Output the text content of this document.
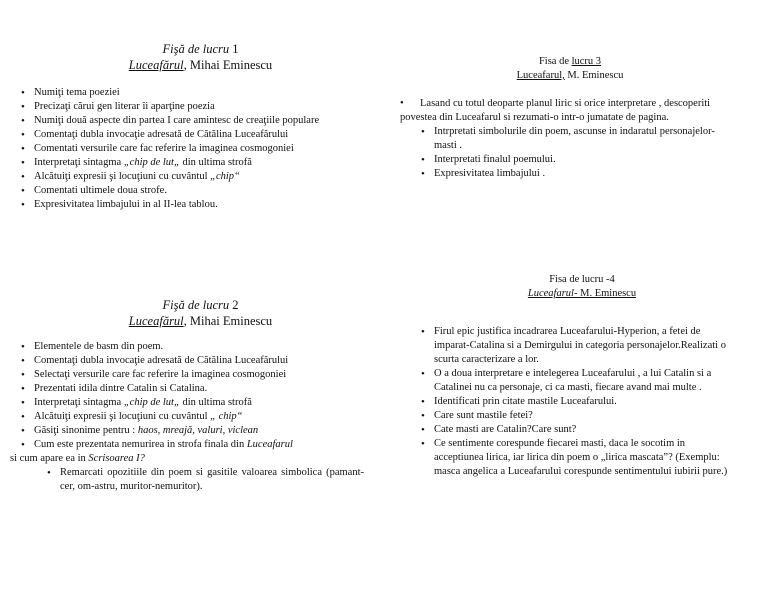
Fişă de lucru 1
Luceafărul, Mihai Eminescu
• Numiţi tema poeziei
• Precizaţi cărui gen literar îi aparţine poezia
• Numiţi două aspecte din partea I care amintesc de creaţiile populare
• Comentaţi dubla invocaţie adresată de Cătălina Luceafărului
• Comentati versurile care fac referire la imaginea cosmogoniei
• Interpretaţi sintagma „chip de lut„ din ultima strofă
• Alcătuiţi expresii şi locuţiuni cu cuvântul „chip“
• Comentati ultimele doua strofe.
• Expresivitatea limbajului in al II-lea tablou.
Fişă de lucru 2
Luceafărul, Mihai Eminescu
• Elementele de basm din poem.
• Comentaţi dubla invocaţie adresată de Cătălina Luceafărului
• Selectaţi versurile care fac referire la imaginea cosmogoniei
• Prezentati idila dintre Catalin si Catalina.
• Interpretaţi sintagma „chip de lut„ din ultima strofă
• Alcătuiţi expresii şi locuţiuni cu cuvântul „ chip“
• Găsiţi sinonime pentru : haos, mreajă, valuri, viclean
• Cum este prezentata nemurirea in strofa finala din Luceafarul
si cum apare ea in Scrisoarea I?
• Remarcati opozitiile din poem si gasitile valoarea simbolica (pamant-cer, om-astru, muritor-nemuritor).
Fisa de lucru 3
Luceafarul, M. Eminescu
• Lasand cu totul deoparte planul liric si orice interpretare , descoperiti povestea din Luceafarul si rezumati-o intr-o jumatate de pagina.
• Intrpretati simbolurile din poem, ascunse in indaratul personajelor- masti .
• Interpretati finalul poemului.
• Expresivitatea limbajului .
Fisa de lucru -4
Luceafarul- M. Eminescu
• Firul epic justifica incadrarea Luceafarului-Hyperion, a fetei de imparat-Catalina si a Demirgului in categoria personajelor.Realizati o scurta caracterizare a lor.
• O a doua interpretare e intelegerea Luceafarului , a lui Catalin si a Catalinei nu ca personaje, ci ca masti, fiecare avand mai multe .
• Identificati prin citate mastile Luceafarului.
• Care sunt mastile fetei?
• Cate masti are Catalin?Care sunt?
• Ce sentimente corespunde fiecarei masti, daca le socotim in acceptiunea lirica, iar lirica din poem o „lirica mascata”? (Exemplu: masca angelica a Luceafarului corespunde sentimentului iubirii pure.)
